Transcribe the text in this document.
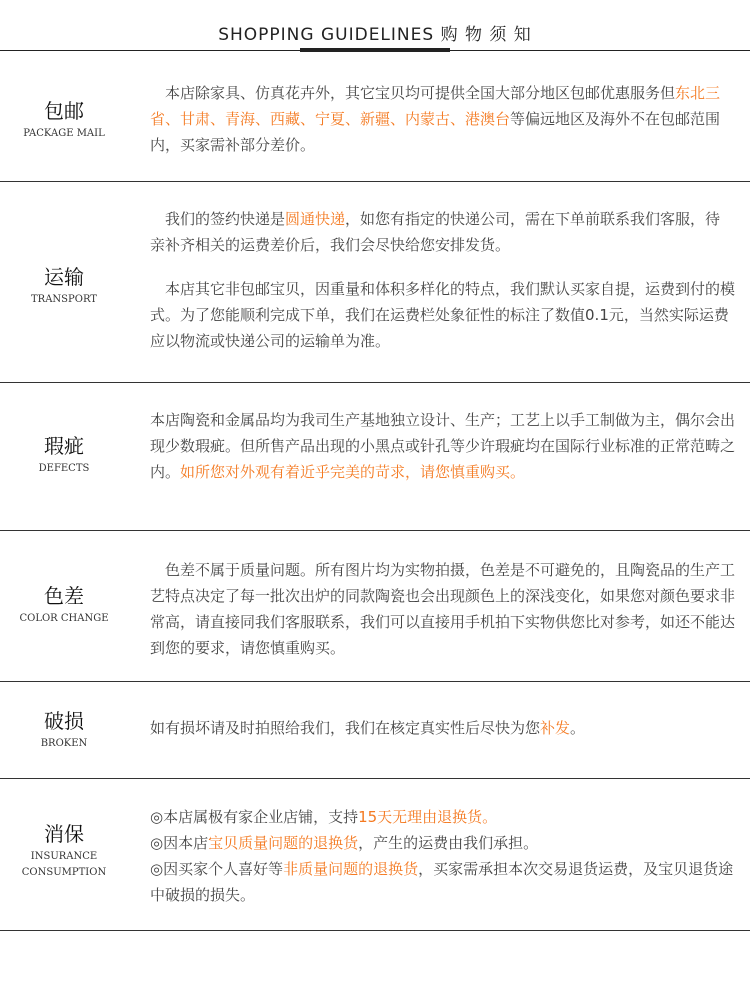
SHOPPING GUIDELINES 购 物 须 知
包邮
PACKAGE MAIL

　本店除家具、仿真花卉外，其它宝贝均可提供全国大部分地区包邮优惠服务但东北三省、甘肃、青海、西藏、宁夏、新疆、内蒙古、港澳台等偏远地区及海外不在包邮范围内，买家需补部分差价。

运输
TRANSPORT

　我们的签约快递是圆通快递，如您有指定的快递公司，需在下单前联系我们客服，待亲补齐相关的运费差价后，我们会尽快给您安排发货。

　本店其它非包邮宝贝，因重量和体积多样化的特点，我们默认买家自提，运费到付的模式。为了您能顺利完成下单，我们在运费栏处象征性的标注了数值0.1元，当然实际运费应以物流或快递公司的运输单为准。

瑕疵
DEFECTS

本店陶瓷和金属品均为我司生产基地独立设计、生产；工艺上以手工制做为主，偶尔会出现少数瑕疵。但所售产品出现的小黑点或针孔等少许瑕疵均在国际行业标准的正常范畴之内。如所您对外观有着近乎完美的苛求，请您慎重购买。

色差
COLOR CHANGE

　色差不属于质量问题。所有图片均为实物拍摄，色差是不可避免的，且陶瓷品的生产工艺特点决定了每一批次出炉的同款陶瓷也会出现颜色上的深浅变化，如果您对颜色要求非常高，请直接同我们客服联系，我们可以直接用手机拍下实物供您比对参考，如还不能达到您的要求，请您慎重购买。

破损
BROKEN

如有损坏请及时拍照给我们，我们在核定真实性后尽快为您补发。

消保
INSURANCE CONSUMPTION

◎本店属极有家企业店铺，支持15天无理由退换货。

◎因本店宝贝质量问题的退换货，产生的运费由我们承担。

◎因买家个人喜好等非质量问题的退换货，买家需承担本次交易退货运费，及宝贝退货途中破损的损失。
